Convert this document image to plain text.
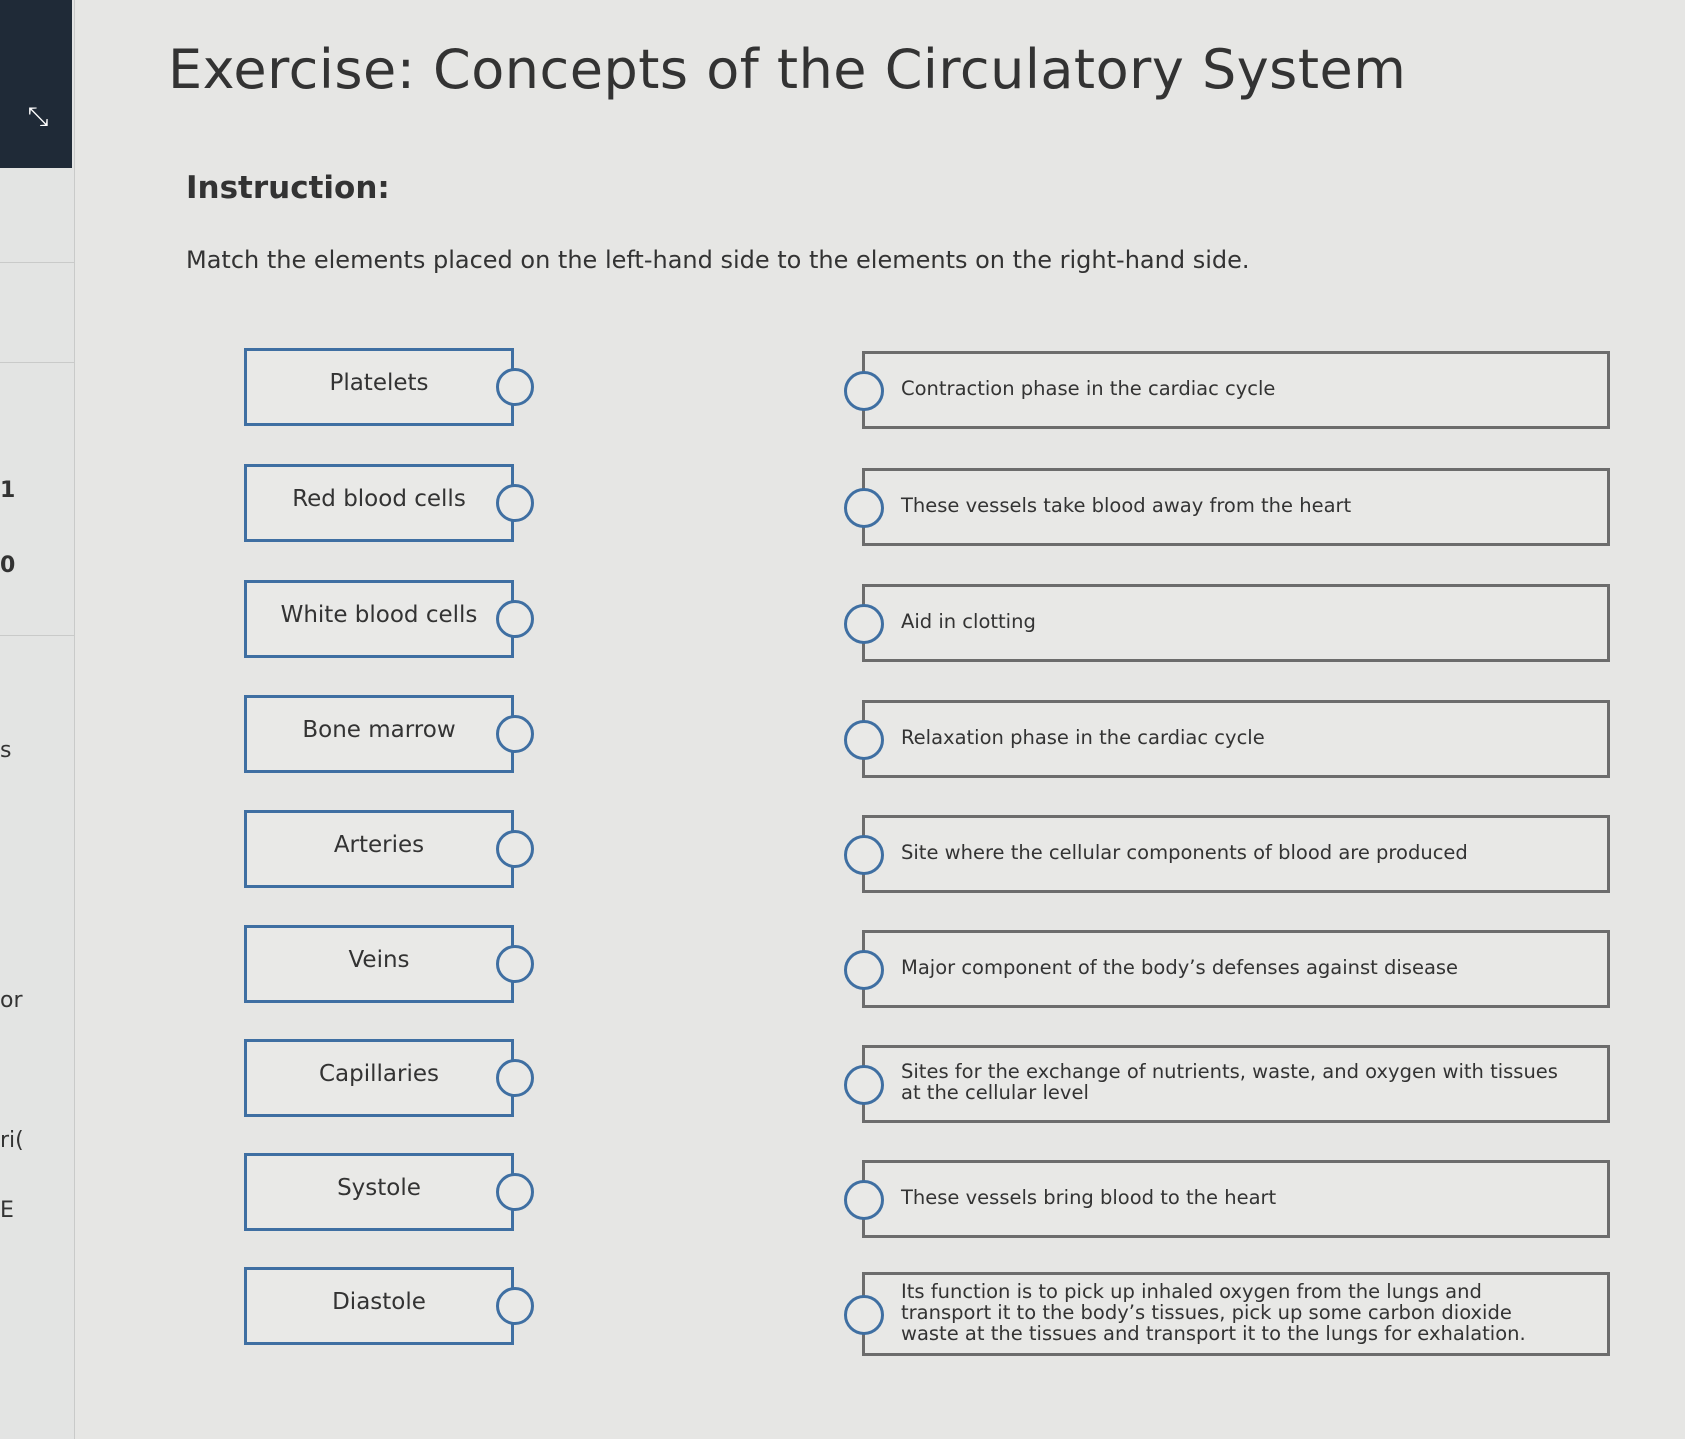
⤡
1
0
s
or
ri(
E
Exercise: Concepts of the Circulatory System
Instruction:

Match the elements placed on the left-hand side to the elements on the right-hand side.

Platelets
Red blood cells
White blood cells
Bone marrow
Arteries
Veins
Capillaries
Systole
Diastole
Contraction phase in the cardiac cycle
These vessels take blood away from the heart
Aid in clotting
Relaxation phase in the cardiac cycle
Site where the cellular components of blood are produced
Major component of the body’s defenses against disease
Sites for the exchange of nutrients, waste, and oxygen with tissues at the cellular level
These vessels bring blood to the heart
Its function is to pick up inhaled oxygen from the lungs and transport it to the body’s tissues, pick up some carbon dioxide waste at the tissues and transport it to the lungs for exhalation.
